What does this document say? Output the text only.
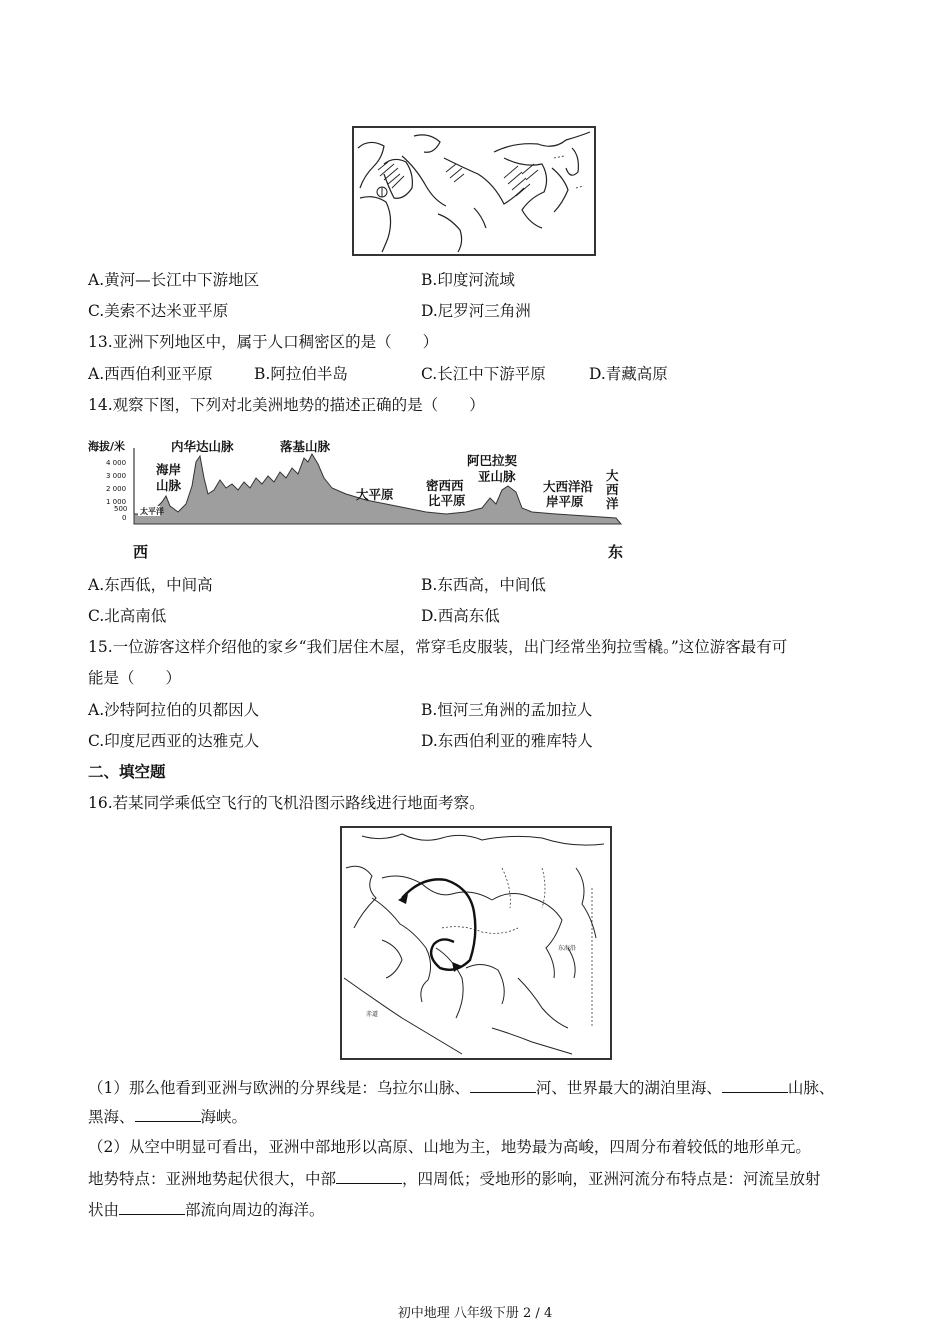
A.黄河—长江中下游地区	B.印度河流域
C.美索不达米亚平原	D.尼罗河三角洲
13.亚洲下列地区中，属于人口稠密区的是（　　）
A.西西伯利亚平原	B.阿拉伯半岛	C.长江中下游平原	D.青藏高原
14.观察下图，下列对北美洲地势的描述正确的是（　　）
海拔/米
4 000
3 000
2 000
1 000
500
0
太平洋
海岸
山脉
内华达山脉	落基山脉
大平原
密西西
比平原
阿巴拉契
亚山脉
大西洋沿
岸平原
大
西
洋
西	东
A.东西低，中间高	B.东西高，中间低
C.北高南低	D.西高东低
15.一位游客这样介绍他的家乡“我们居住木屋，常穿毛皮服装，出门经常坐狗拉雪橇。”这位游客最有可
能是（　　）
A.沙特阿拉伯的贝都因人	B.恒河三角洲的孟加拉人
C.印度尼西亚的达雅克人	D.东西伯利亚的雅库特人
二、填空题
16.若某同学乘低空飞行的飞机沿图示路线进行地面考察。
东海沿
赤道
（1）那么他看到亚洲与欧洲的分界线是：乌拉尔山脉、	河、世界最大的湖泊里海、	山脉、
黑海、	海峡。
（2）从空中明显可看出，亚洲中部地形以高原、山地为主，地势最为高峻，四周分布着较低的地形单元。
地势特点：亚洲地势起伏很大，中部	，四周低；受地形的影响，亚洲河流分布特点是：河流呈放射
状由	部流向周边的海洋。
初中地理 八年级下册 2 / 4
